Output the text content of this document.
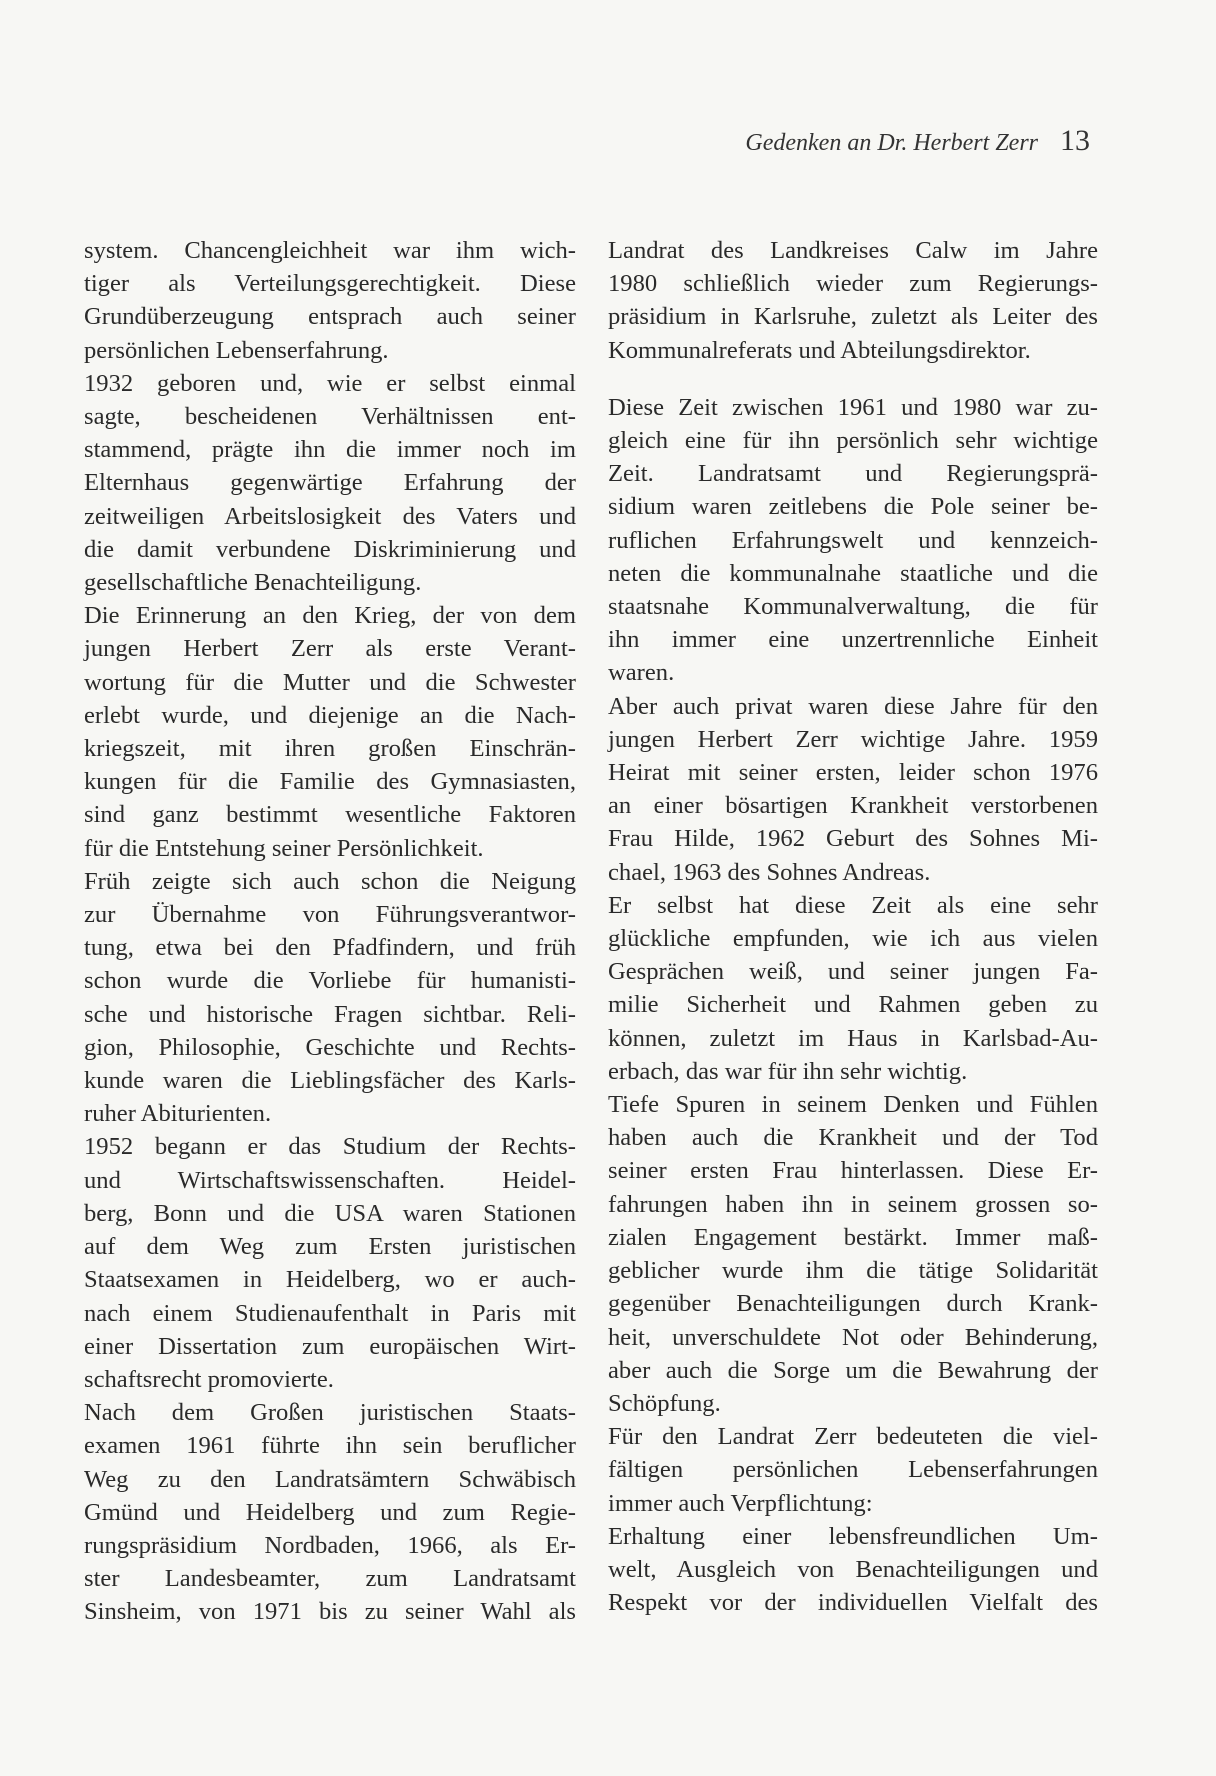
Gedenken an Dr. Herbert Zerr 13

system. Chancengleichheit war ihm wich-
tiger als Verteilungsgerechtigkeit. Diese
Grundüberzeugung entsprach auch seiner
persönlichen Lebenserfahrung.

1932 geboren und, wie er selbst einmal
sagte, bescheidenen Verhältnissen ent-
stammend, prägte ihn die immer noch im
Elternhaus gegenwärtige Erfahrung der
zeitweiligen Arbeitslosigkeit des Vaters und
die damit verbundene Diskriminierung und
gesellschaftliche Benachteiligung.

Die Erinnerung an den Krieg, der von dem
jungen Herbert Zerr als erste Verant-
wortung für die Mutter und die Schwester
erlebt wurde, und diejenige an die Nach-
kriegszeit, mit ihren großen Einschrän-
kungen für die Familie des Gymnasiasten,
sind ganz bestimmt wesentliche Faktoren
für die Entstehung seiner Persönlichkeit.

Früh zeigte sich auch schon die Neigung
zur Übernahme von Führungsverantwor-
tung, etwa bei den Pfadfindern, und früh
schon wurde die Vorliebe für humanisti-
sche und historische Fragen sichtbar. Reli-
gion, Philosophie, Geschichte und Rechts-
kunde waren die Lieblingsfächer des Karls-
ruher Abiturienten.

1952 begann er das Studium der Rechts-
und Wirtschaftswissenschaften. Heidel-
berg, Bonn und die USA waren Stationen
auf dem Weg zum Ersten juristischen
Staatsexamen in Heidelberg, wo er auch-
nach einem Studienaufenthalt in Paris mit
einer Dissertation zum europäischen Wirt-
schaftsrecht promovierte.

Nach dem Großen juristischen Staats-
examen 1961 führte ihn sein beruflicher
Weg zu den Landratsämtern Schwäbisch
Gmünd und Heidelberg und zum Regie-
rungspräsidium Nordbaden, 1966, als Er-
ster Landesbeamter, zum Landratsamt
Sinsheim, von 1971 bis zu seiner Wahl als

Landrat des Landkreises Calw im Jahre
1980 schließlich wieder zum Regierungs-
präsidium in Karlsruhe, zuletzt als Leiter des
Kommunalreferats und Abteilungsdirektor.

Diese Zeit zwischen 1961 und 1980 war zu-
gleich eine für ihn persönlich sehr wichtige
Zeit. Landratsamt und Regierungsprä-
sidium waren zeitlebens die Pole seiner be-
ruflichen Erfahrungswelt und kennzeich-
neten die kommunalnahe staatliche und die
staatsnahe Kommunalverwaltung, die für
ihn immer eine unzertrennliche Einheit
waren.

Aber auch privat waren diese Jahre für den
jungen Herbert Zerr wichtige Jahre. 1959
Heirat mit seiner ersten, leider schon 1976
an einer bösartigen Krankheit verstorbenen
Frau Hilde, 1962 Geburt des Sohnes Mi-
chael, 1963 des Sohnes Andreas.

Er selbst hat diese Zeit als eine sehr
glückliche empfunden, wie ich aus vielen
Gesprächen weiß, und seiner jungen Fa-
milie Sicherheit und Rahmen geben zu
können, zuletzt im Haus in Karlsbad-Au-
erbach, das war für ihn sehr wichtig.

Tiefe Spuren in seinem Denken und Fühlen
haben auch die Krankheit und der Tod
seiner ersten Frau hinterlassen. Diese Er-
fahrungen haben ihn in seinem grossen so-
zialen Engagement bestärkt. Immer maß-
geblicher wurde ihm die tätige Solidarität
gegenüber Benachteiligungen durch Krank-
heit, unverschuldete Not oder Behinderung,
aber auch die Sorge um die Bewahrung der
Schöpfung.

Für den Landrat Zerr bedeuteten die viel-
fältigen persönlichen Lebenserfahrungen
immer auch Verpflichtung:

Erhaltung einer lebensfreundlichen Um-
welt, Ausgleich von Benachteiligungen und
Respekt vor der individuellen Vielfalt des
